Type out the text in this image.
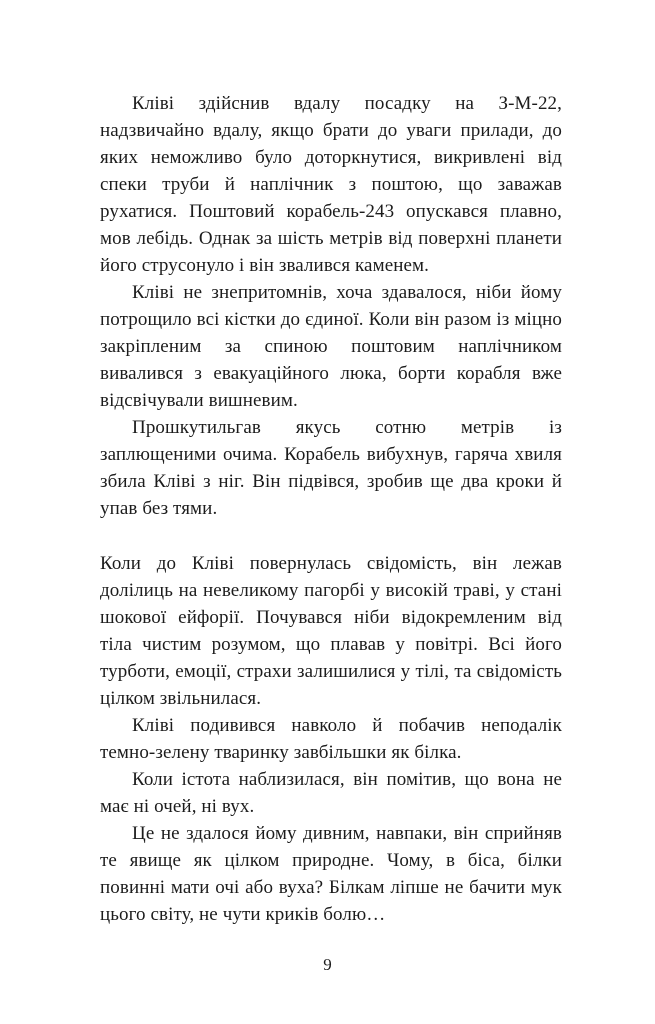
Кліві здійснив вдалу посадку на З-М-22, надзвичайно вдалу, якщо брати до уваги прилади, до яких неможливо було доторкнутися, викривлені від спеки труби й наплічник з поштою, що заважав рухатися. Поштовий корабель-243 опускався плавно, мов лебідь. Однак за шість метрів від поверхні планети його струсонуло і він звалився каменем.

Кліві не знепритомнів, хоча здавалося, ніби йому потрощило всі кістки до єдиної. Коли він разом із міцно закріпленим за спиною поштовим наплічником вивалився з евакуаційного люка, борти корабля вже відсвічували вишневим.

Прошкутильгав якусь сотню метрів із заплющеними очима. Корабель вибухнув, гаряча хвиля збила Кліві з ніг. Він підвівся, зробив ще два кроки й упав без тями.

Коли до Кліві повернулась свідомість, він лежав долілиць на невеликому пагорбі у високій траві, у стані шокової ейфорії. Почувався ніби відокремленим від тіла чистим розумом, що плавав у повітрі. Всі його турботи, емоції, страхи залишилися у тілі, та свідомість цілком звільнилася.

Кліві подивився навколо й побачив неподалік темно-зелену тваринку завбільшки як білка.

Коли істота наблизилася, він помітив, що вона не має ні очей, ні вух.

Це не здалося йому дивним, навпаки, він сприйняв те явище як цілком природне. Чому, в біса, білки повинні мати очі або вуха? Білкам ліпше не бачити мук цього світу, не чути криків болю…

9
